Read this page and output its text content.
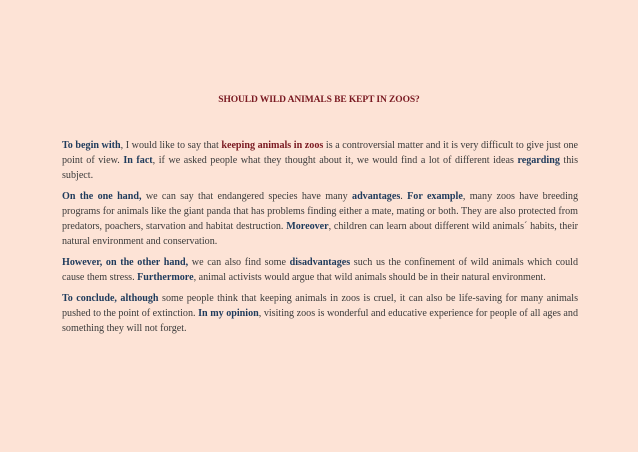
SHOULD WILD ANIMALS BE KEPT IN ZOOS?

To begin with, I would like to say that keeping animals in zoos is a controversial matter and it is very difficult to give just one point of view. In fact, if we asked people what they thought about it, we would find a lot of different ideas regarding this subject.

On the one hand, we can say that endangered species have many advantages. For example, many zoos have breeding programs for animals like the giant panda that has problems finding either a mate, mating or both. They are also protected from predators, poachers, starvation and habitat destruction. Moreover, children can learn about different wild animals´ habits, their natural environment and conservation.

However, on the other hand, we can also find some disadvantages such us the confinement of wild animals which could cause them stress. Furthermore, animal activists would argue that wild animals should be in their natural environment.

To conclude, although some people think that keeping animals in zoos is cruel, it can also be life-saving for many animals pushed to the point of extinction. In my opinion, visiting zoos is wonderful and educative experience for people of all ages and something they will not forget.
